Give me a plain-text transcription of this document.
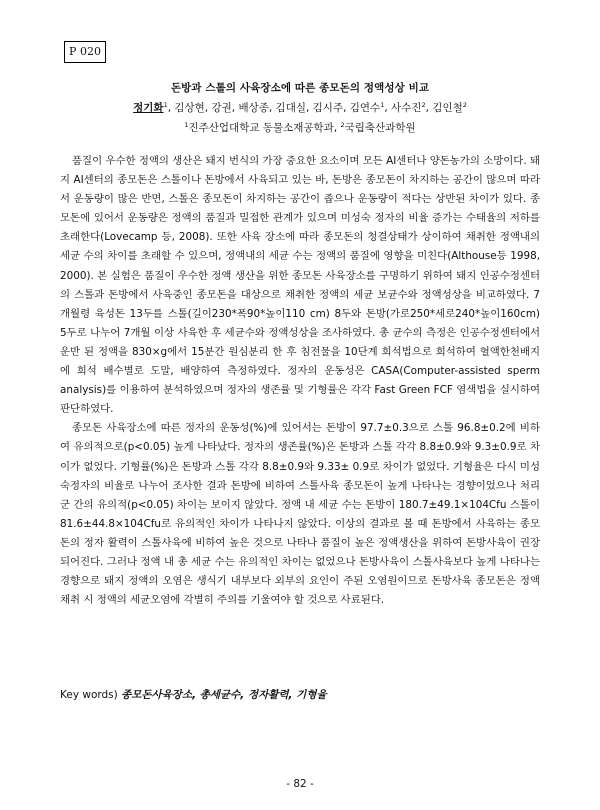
P 020
돈방과 스톨의 사육장소에 따른 종모돈의 정액성상 비교
정기화$^1$, 김상현, 강권, 배상종, 김대실, 김시주, 김연수$^1$, 사수진$^2$, 김인철$^2$
$^1$진주산업대학교 동물소재공학과, $^2$국립축산과학원

품질이 우수한 정액의 생산은 돼지 번식의 가장 중요한 요소이며 모든 AI센터나 양돈농가의 소망이다. 돼지 AI센터의 종모돈은 스톨이나 돈방에서 사육되고 있는 바, 돈방은 종모돈이 차지하는 공간이 많으며 따라서 운동량이 많은 반면, 스톨은 종모돈이 차지하는 공간이 좁으나 운동량이 적다는 상반된 차이가 있다. 종모돈에 있어서 운동량은 정액의 품질과 밀접한 관계가 있으며 미성숙 정자의 비율 증가는 수태율의 저하를 초래한다(Lovecamp 등, 2008). 또한 사육 장소에 따라 종모돈의 청결상태가 상이하여 채취한 정액내의 세균 수의 차이를 초래할 수 있으며, 정액내의 세균 수는 정액의 품질에 영향을 미친다(Althouse등 1998, 2000). 본 실험은 품질이 우수한 정액 생산을 위한 종모돈 사육장소를 구명하기 위하여 돼지 인공수정센터의 스톨과 돈방에서 사육중인 종모돈을 대상으로 채취한 정액의 세균 보균수와 정액성상을 비교하였다. 7개월령 육성돈 13두를 스톨(길이230*폭90*높이110 cm) 8두와 돈방(가로250*세로240*높이160cm) 5두로 나누어 7개월 이상 사육한 후 세균수와 정액성상을 조사하였다. 총 균수의 측정은 인공수정센터에서 운반 된 정액을 830×g에서 15분간 원심분리 한 후 침전물을 10단계 희석법으로 희석하여 혈액한천배지에 희석 배수별로 도말, 배양하여 측정하였다. 정자의 운동성은 CASA(Computer-assisted sperm analysis)를 이용하여 분석하였으며 정자의 생존률 및 기형률은 각각 Fast Green FCF 염색법을 실시하여 판단하였다.

종모돈 사육장소에 따른 정자의 운동성(%)에 있어서는 돈방이 97.7±0.3으로 스톨 96.8±0.2에 비하여 유의적으로(p<0.05) 높게 나타났다. 정자의 생존률(%)은 돈방과 스톨 각각 8.8±0.9와 9.3±0.9로 차이가 없었다. 기형률(%)은 돈방과 스톨 각각 8.8±0.9와 9.33± 0.9로 차이가 없었다. 기형율은 다시 미성숙정자의 비율로 나누어 조사한 결과 돈방에 비하여 스톨사육 종모돈이 높게 나타나는 경향이었으나 처리군 간의 유의적(p<0.05) 차이는 보이지 않았다. 정액 내 세균 수는 돈방이 180.7±49.1×104Cfu 스톨이 81.6±44.8×104Cfu로 유의적인 차이가 나타나지 않았다. 이상의 결과로 볼 때 돈방에서 사육하는 종모돈의 정자 활력이 스톨사육에 비하여 높은 것으로 나타나 품질이 높은 정액생산을 위하여 돈방사육이 권장되어진다. 그러나 정액 내 총 세균 수는 유의적인 차이는 없었으나 돈방사육이 스톨사육보다 높게 나타나는 경향으로 돼지 정액의 오염은 생식기 내부보다 외부의 요인이 주된 오염원이므로 돈방사육 종모돈은 정액채취 시 정액의 세균오염에 각별히 주의를 기울여야 할 것으로 사료된다.

Key words) 종모돈사육장소, 총세균수, 정자활력, 기형율
- 82 -
